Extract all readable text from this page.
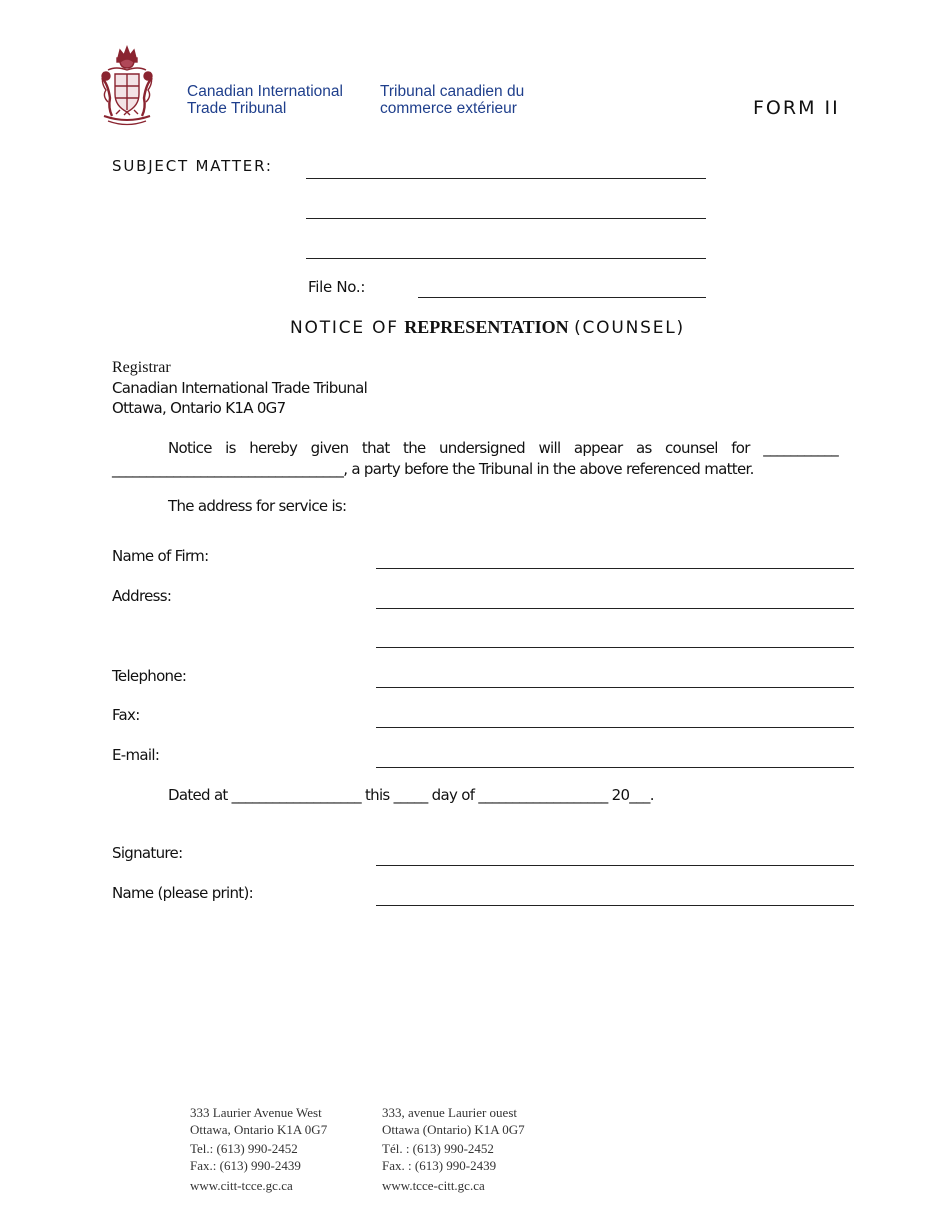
Canadian International
Trade Tribunal
Tribunal canadien du
commerce extérieur	FORM II
SUBJECT MATTER:
File No.:
NOTICE OF REPRESENTATION (COUNSEL)
Registrar
Canadian International Trade Tribunal
Ottawa, Ontario K1A 0G7
Notice is hereby given that the undersigned will appear as counsel for ___________ __________________________________, a party before the Tribunal in the above referenced matter.
The address for service is:
Name of Firm:
Address:
Telephone:
Fax:
E-mail:
Dated at ___________________ this _____ day of ___________________ 20___.
Signature:
Name (please print):
333 Laurier Avenue West
Ottawa, Ontario K1A 0G7
Tel.: (613) 990-2452
Fax.: (613) 990-2439
www.citt-tcce.gc.ca
333, avenue Laurier ouest
Ottawa (Ontario) K1A 0G7
Tél. : (613) 990-2452
Fax. : (613) 990-2439
www.tcce-citt.gc.ca
